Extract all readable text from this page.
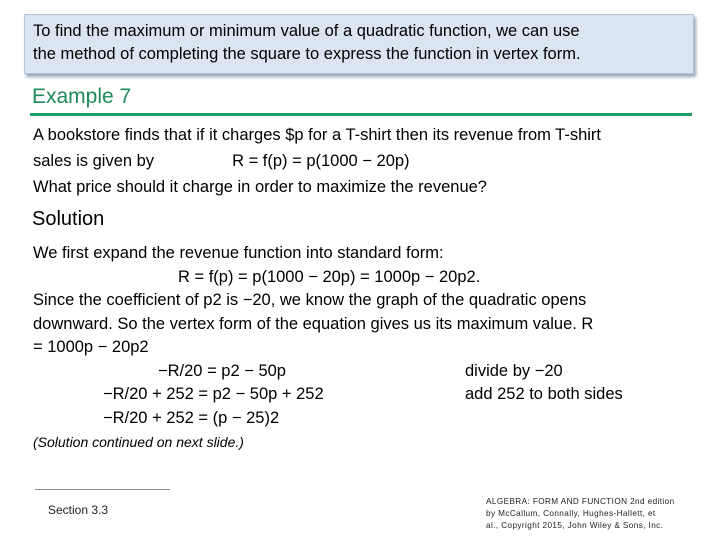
To find the maximum or minimum value of a quadratic function, we can use
the method of completing the square to express the function in vertex form.
Example 7
A bookstore finds that if it charges $p for a T-shirt then its revenue from T-shirt
sales is given by	R = f(p) = p(1000 − 20p)
What price should it charge in order to maximize the revenue?
Solution
We first expand the revenue function into standard form:
R = f(p) = p(1000 − 20p) = 1000p − 20p2.
Since the coefficient of p2 is −20, we know the graph of the quadratic opens
downward. So the vertex form of the equation gives us its maximum value. R
= 1000p − 20p2
−R/20 = p2 − 50p	divide by −20
−R/20 + 252 = p2 − 50p + 252	add 252 to both sides
−R/20 + 252 = (p − 25)2
(Solution continued on next slide.)
Section 3.3
ALGEBRA: FORM AND FUNCTION 2nd edition
by McCallum, Connally, Hughes-Hallett, et
al., Copyright 2015, John Wiley & Sons, Inc.
